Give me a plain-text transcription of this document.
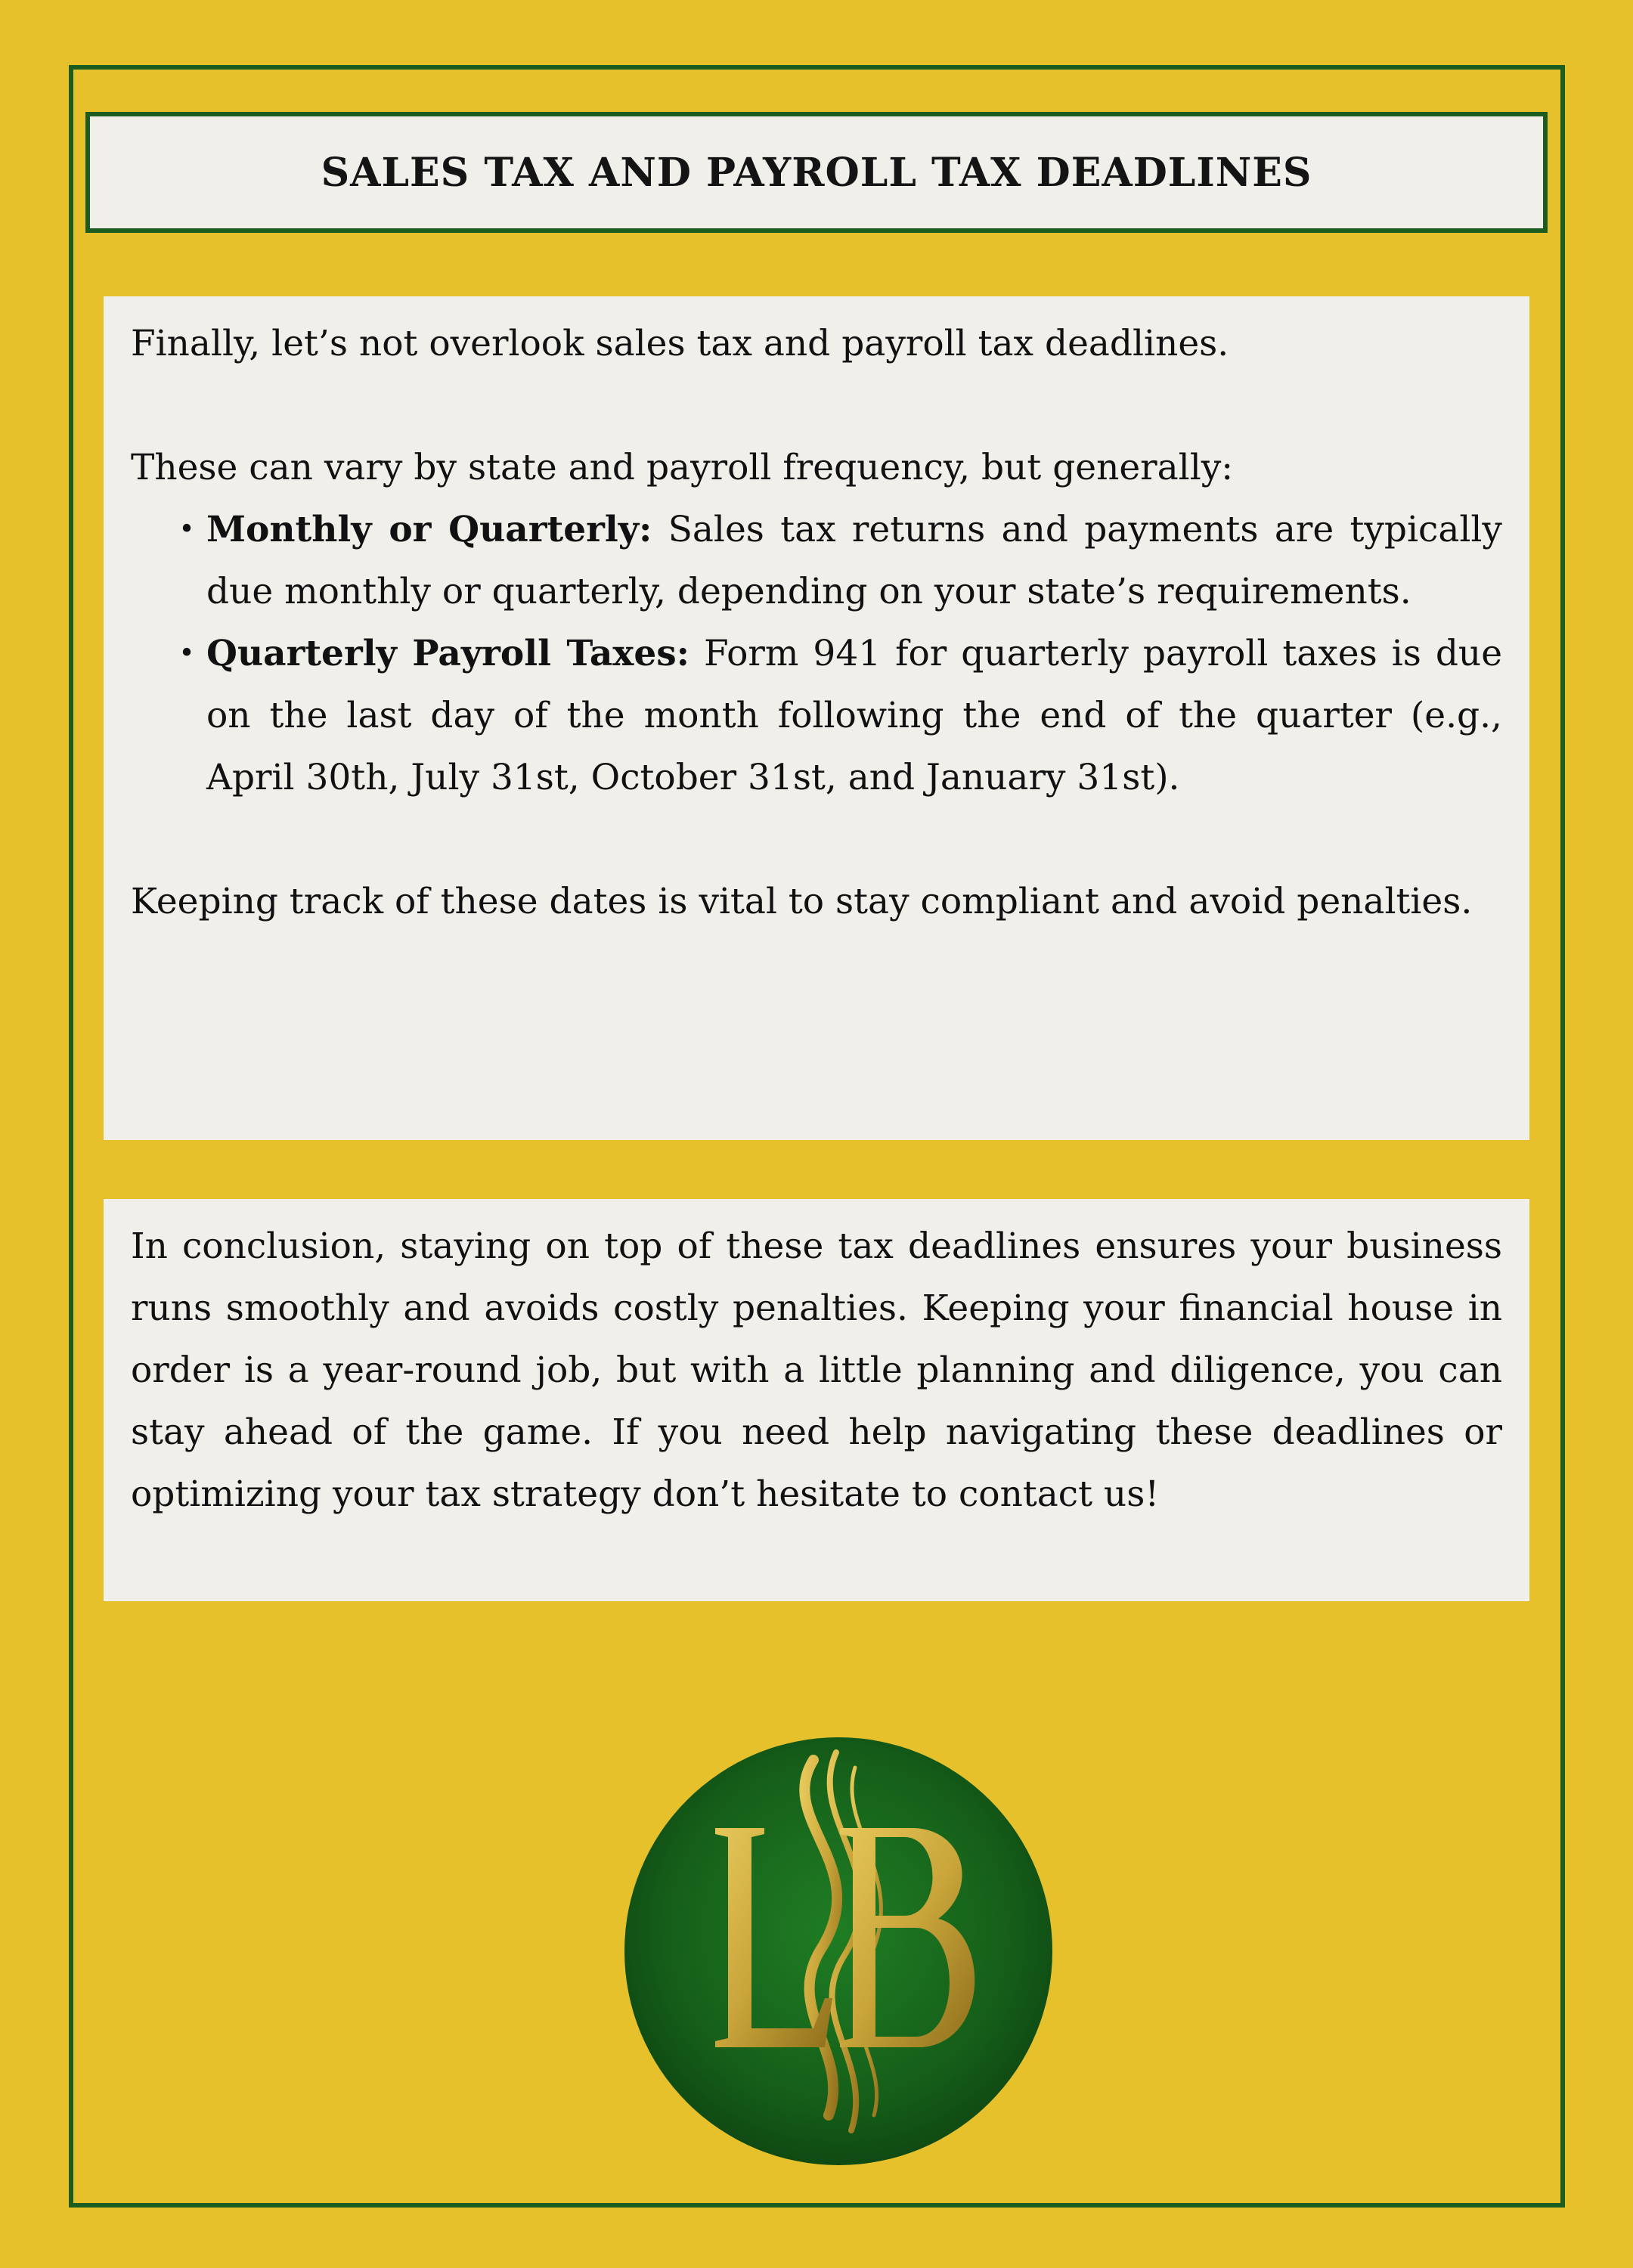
SALES TAX AND PAYROLL TAX DEADLINES

Finally, let’s not overlook sales tax and payroll tax deadlines.

These can vary by state and payroll frequency, but generally:

• Monthly or Quarterly: Sales tax returns and payments are typically due monthly or quarterly, depending on your state’s requirements.
• Quarterly Payroll Taxes: Form 941 for quarterly payroll taxes is due on the last day of the month following the end of the quarter (e.g., April 30th, July 31st, October 31st, and January 31st).

Keeping track of these dates is vital to stay compliant and avoid penalties.

In conclusion, staying on top of these tax deadlines ensures your business runs smoothly and avoids costly penalties. Keeping your financial house in order is a year-round job, but with a little planning and diligence, you can stay ahead of the game. If you need help navigating these deadlines or optimizing your tax strategy don’t hesitate to contact us!
